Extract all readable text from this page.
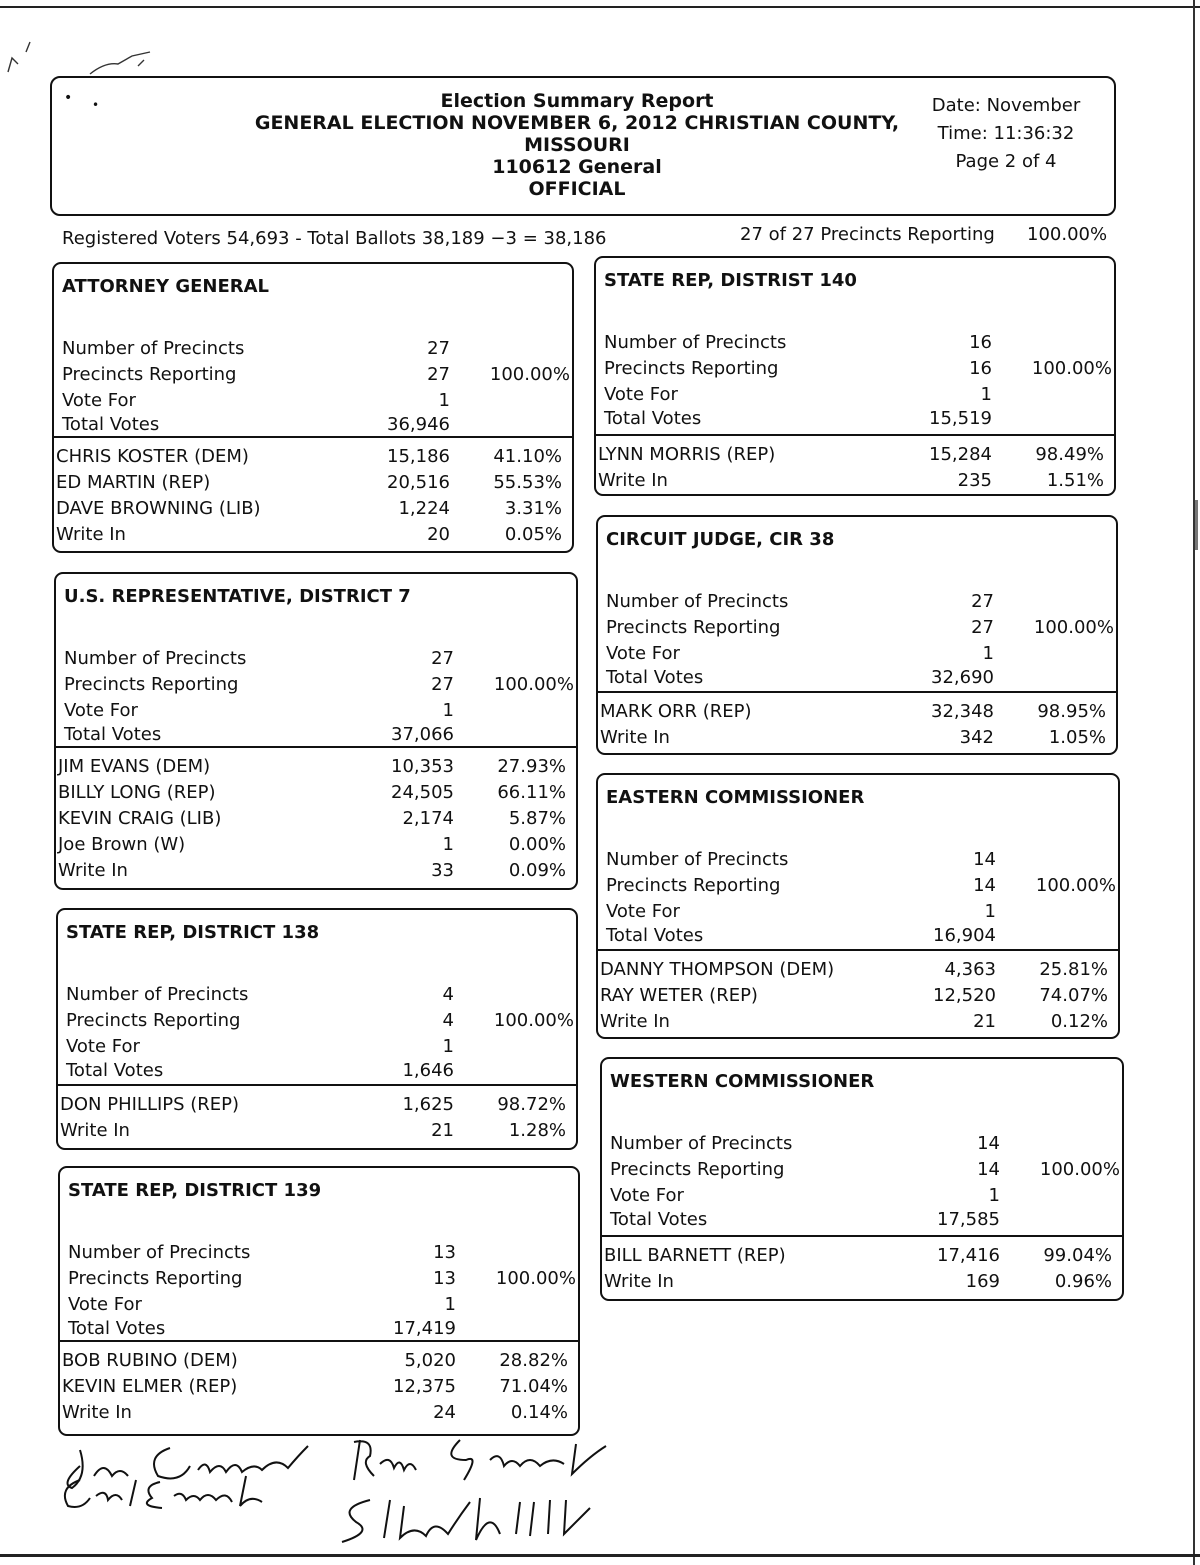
• •	Election Summary Report
GENERAL ELECTION NOVEMBER 6, 2012 CHRISTIAN COUNTY,
MISSOURI
110612 General
OFFICIAL
Date: November
Time: 11:36:32
Page 2 of 4
Registered Voters 54,693 - Total Ballots 38,189 −3 = 38,186	27 of 27 Precincts Reporting 100.00%
ATTORNEY GENERAL
Number of Precincts	27
Precincts Reporting	27 100.00%
Vote For	1
Total Votes	36,946
CHRIS KOSTER (DEM)	15,186 41.10%
ED MARTIN (REP)	20,516 55.53%
DAVE BROWNING (LIB)	1,224	3.31%
Write In	20	0.05%
U.S. REPRESENTATIVE, DISTRICT 7
Number of Precincts	27
Precincts Reporting	27 100.00%
Vote For	1
Total Votes	37,066
JIM EVANS (DEM)	10,353 27.93%
BILLY LONG (REP)	24,505 66.11%
KEVIN CRAIG (LIB)	2,174	5.87%
Joe Brown (W)	1	0.00%
Write In	33	0.09%
STATE REP, DISTRICT 138
Number of Precincts	4
Precincts Reporting	4 100.00%
Vote For	1
Total Votes	1,646
DON PHILLIPS (REP)	1,625 98.72%
Write In	21	1.28%
STATE REP, DISTRICT 139
Number of Precincts	13
Precincts Reporting	13 100.00%
Vote For	1
Total Votes	17,419
BOB RUBINO (DEM)	5,020 28.82%
KEVIN ELMER (REP)	12,375 71.04%
Write In	24	0.14%
STATE REP, DISTRIST 140
Number of Precincts	16
Precincts Reporting	16 100.00%
Vote For	1
Total Votes	15,519
LYNN MORRIS (REP)	15,284 98.49%
Write In	235	1.51%
CIRCUIT JUDGE, CIR 38
Number of Precincts	27
Precincts Reporting	27 100.00%
Vote For	1
Total Votes	32,690
MARK ORR (REP)	32,348 98.95%
Write In	342	1.05%
EASTERN COMMISSIONER
Number of Precincts	14
Precincts Reporting	14 100.00%
Vote For	1
Total Votes	16,904
DANNY THOMPSON (DEM)	4,363 25.81%
RAY WETER (REP)	12,520 74.07%
Write In	21	0.12%
WESTERN COMMISSIONER
Number of Precincts	14
Precincts Reporting	14 100.00%
Vote For	1
Total Votes	17,585
BILL BARNETT (REP)	17,416 99.04%
Write In	169	0.96%
